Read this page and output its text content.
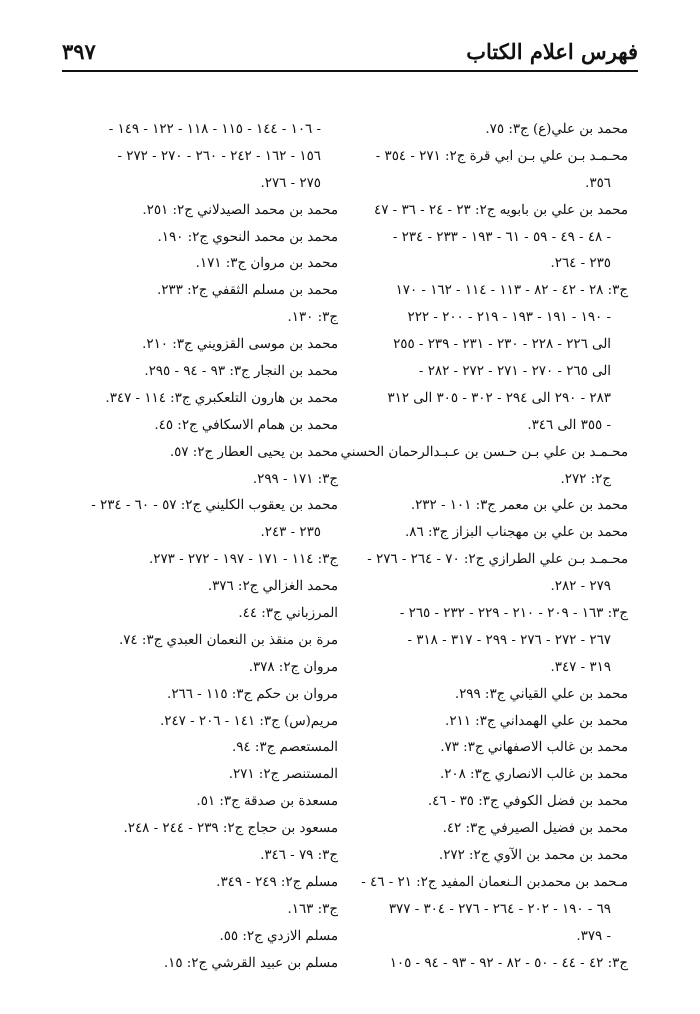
فهرس اعلام الكتاب
٣٩٧
محمد بن علي(ع) ج٣: ٧٥.
محـمـد بـن علي بـن ابي قرة ج٢: ٢٧١ - ٣٥٤ -
٣٥٦.
محمد بن علي بن بابويه ج٢: ٢٣ - ٢٤ - ٣٦ - ٤٧
- ٤٨ - ٤٩ - ٥٩ - ٦١ - ١٩٣ - ٢٣٣ - ٢٣٤ -
٢٣٥ - ٢٦٤.
ج٣: ٢٨ - ٤٢ - ٨٢ - ١١٣ - ١١٤ - ١٦٢ - ١٧٠
- ١٩٠ - ١٩١ - ١٩٣ - ٢١٩ - ٢٠٠ - ٢٢٢
الى ٢٢٦ - ٢٢٨ - ٢٣٠ - ٢٣١ - ٢٣٩ - ٢٥٥
الى ٢٦٥ - ٢٧٠ - ٢٧١ - ٢٧٢ - ٢٨٢ -
٢٨٣ - ٢٩٠ الى ٢٩٤ - ٣٠٢ - ٣٠٥ الى ٣١٢
- ٣٥٥ الى ٣٤٦.
محـمـد بن علي بـن حـسن بن عـبـدالرحمان الحسني
ج٢: ٢٧٢.
محمد بن علي بن معمر ج٣: ١٠١ - ٢٣٢.
محمد بن علي بن مهجناب البزاز ج٣: ٨٦.
محـمـد بـن علي الطرازي ج٢: ٧٠ - ٢٦٤ - ٢٧٦ -
٢٧٩ - ٢٨٢.
ج٣: ١٦٣ - ٢٠٩ - ٢١٠ - ٢٢٩ - ٢٣٢ - ٢٦٥ -
٢٦٧ - ٢٧٢ - ٢٧٦ - ٢٩٩ - ٣١٧ - ٣١٨ -
٣١٩ - ٣٤٧.
محمد بن علي القياني ج٣: ٢٩٩.
محمد بن علي الهمداني ج٣: ٢١١.
محمد بن غالب الاصفهاني ج٣: ٧٣.
محمد بن غالب الانصاري ج٣: ٢٠٨.
محمد بن فضل الكوفي ج٣: ٣٥ - ٤٦.
محمد بن فضيل الصيرفي ج٣: ٤٢.
محمد بن محمد بن الآوي ج٢: ٢٧٢.
مـحمد بن محمدبن الـنعمان المفيد ج٢: ٢١ - ٤٦ -
٦٩ - ١٩٠ - ٢٠٢ - ٢٦٤ - ٢٧٦ - ٣٠٤ - ٣٧٧
- ٣٧٩.
ج٣: ٤٢ - ٤٤ - ٥٠ - ٨٢ - ٩٢ - ٩٣ - ٩٤ - ١٠٥
- ١٠٦ - ١٤٤ - ١١٥ - ١١٨ - ١٢٢ - ١٤٩ -
١٥٦ - ١٦٢ - ٢٤٢ - ٢٦٠ - ٢٧٠ - ٢٧٢ -
٢٧٥ - ٢٧٦.
محمد بن محمد الصيدلاني ج٢: ٢٥١.
محمد بن محمد النحوي ج٢: ١٩٠.
محمد بن مروان ج٣: ١٧١.
محمد بن مسلم الثقفي ج٢: ٢٣٣.
ج٣: ١٣٠.
محمد بن موسى القزويني ج٣: ٢١٠.
محمد بن النجار ج٣: ٩٣ - ٩٤ - ٢٩٥.
محمد بن هارون التلعكبري ج٣: ١١٤ - ٣٤٧.
محمد بن همام الاسكافي ج٢: ٤٥.
محمد بن يحيى العطار ج٢: ٥٧.
ج٣: ١٧١ - ٢٩٩.
محمد بن يعقوب الكليني ج٢: ٥٧ - ٦٠ - ٢٣٤ -
٢٣٥ - ٢٤٣.
ج٣: ١١٤ - ١٧١ - ١٩٧ - ٢٧٢ - ٢٧٣.
محمد الغزالي ج٢: ٣٧٦.
المرزباني ج٣: ٤٤.
مرة بن منقذ بن النعمان العبدي ج٣: ٧٤.
مروان ج٢: ٣٧٨.
مروان بن حكم ج٣: ١١٥ - ٢٦٦.
مريم(س) ج٣: ١٤١ - ٢٠٦ - ٢٤٧.
المستعصم ج٣: ٩٤.
المستنصر ج٢: ٢٧١.
مسعدة بن صدقة ج٣: ٥١.
مسعود بن حجاج ج٢: ٢٣٩ - ٢٤٤ - ٢٤٨.
ج٣: ٧٩ - ٣٤٦.
مسلم ج٢: ٢٤٩ - ٣٤٩.
ج٣: ١٦٣.
مسلم الازدي ج٢: ٥٥.
مسلم بن عبيد القرشي ج٢: ١٥.
